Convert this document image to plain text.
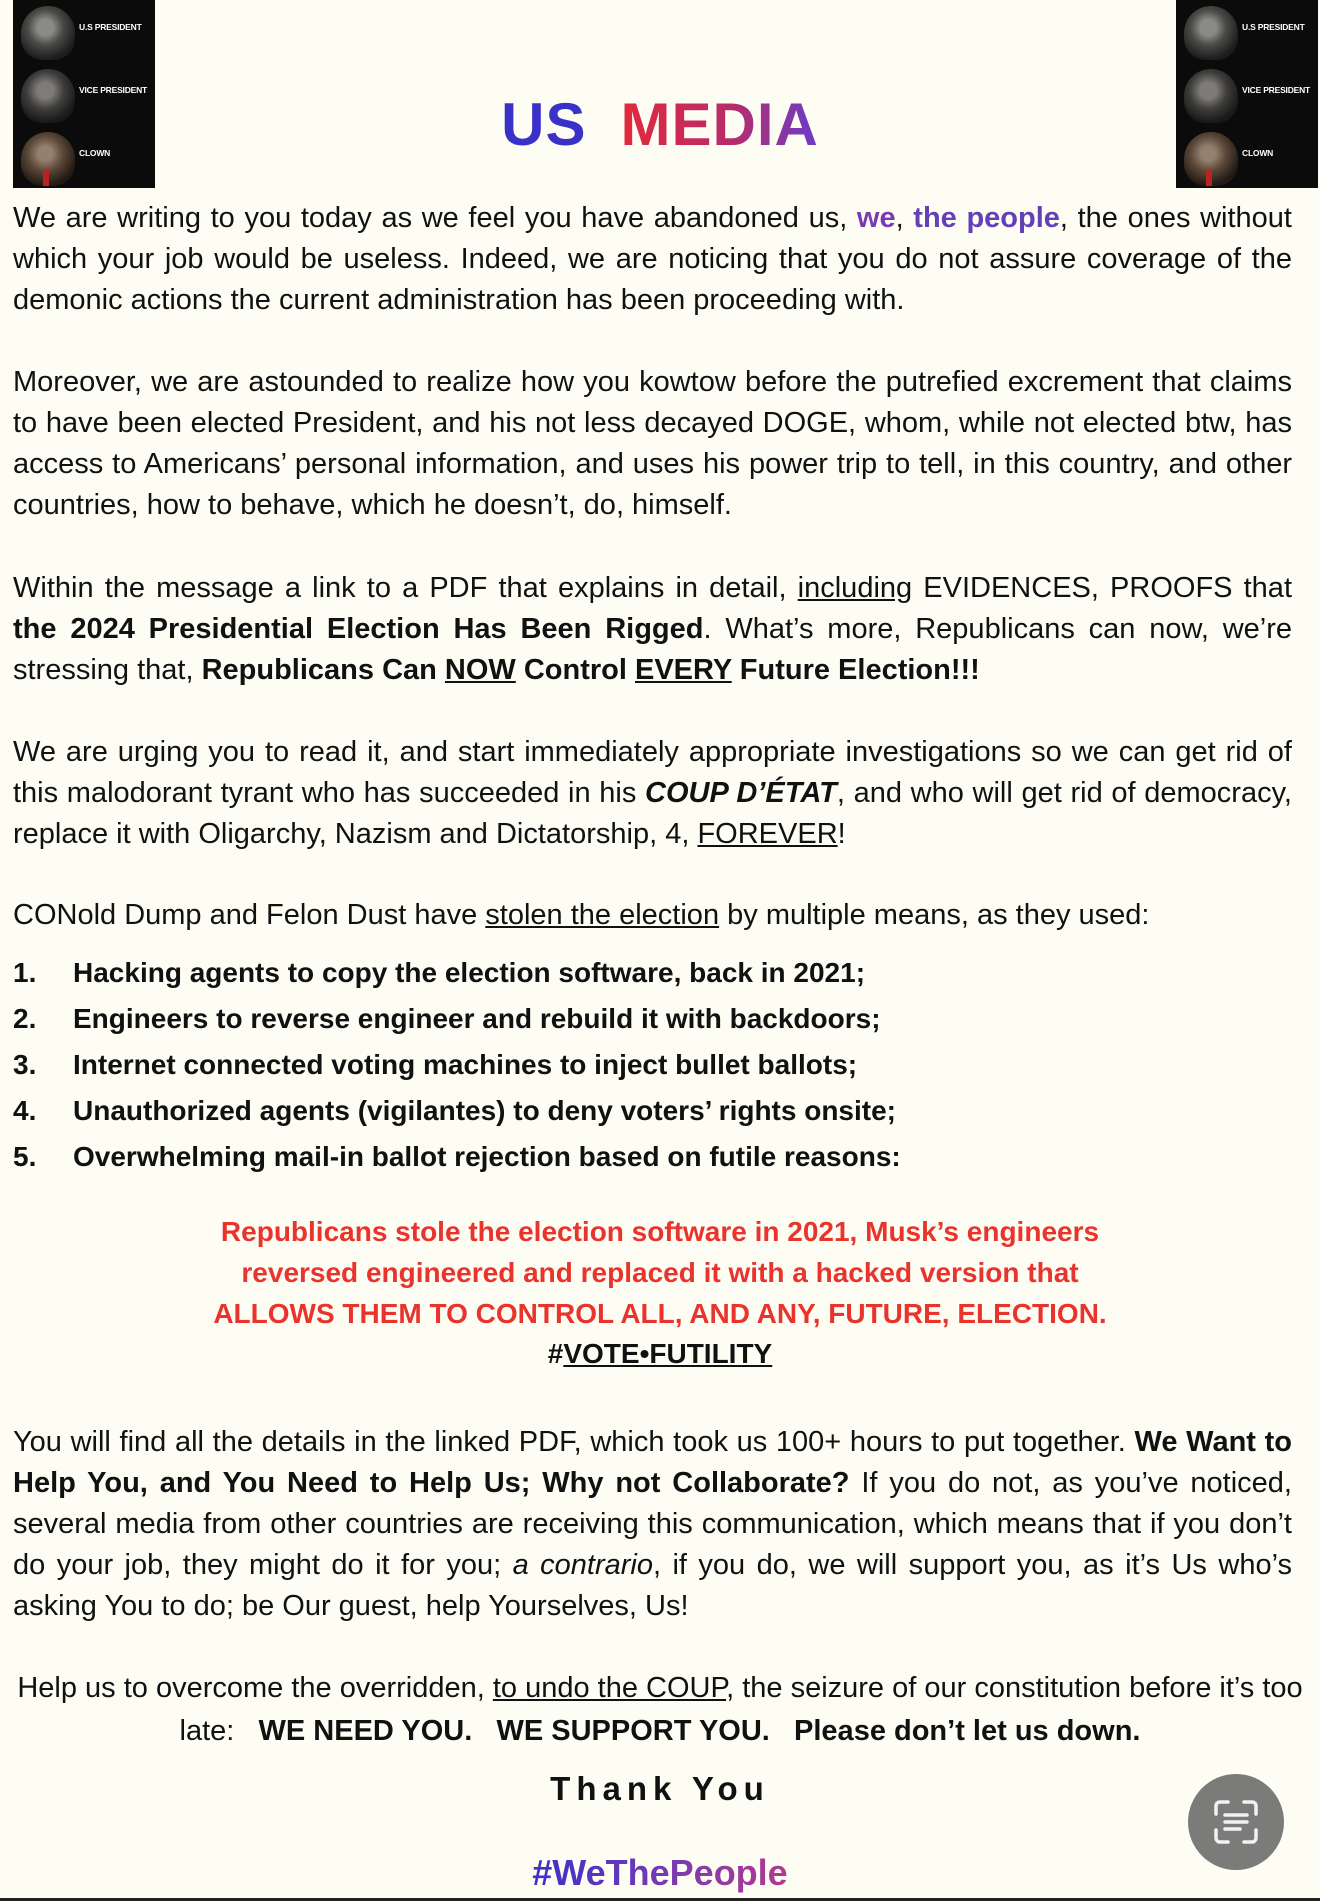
U.S PRESIDENT
VICE PRESIDENT
CLOWN
U.S PRESIDENT
VICE PRESIDENT
CLOWN
US MEDIA

We are writing to you today as we feel you have abandoned us, we, the people, the ones without which your job would be useless. Indeed, we are noticing that you do not assure coverage of the demonic actions the current administration has been proceeding with.

Moreover, we are astounded to realize how you kowtow before the putrefied excrement that claims to have been elected President, and his not less decayed DOGE, whom, while not elected btw, has access to Americans’ personal information, and uses his power trip to tell, in this country, and other countries, how to behave, which he doesn’t, do, himself.

Within the message a link to a PDF that explains in detail, including EVIDENCES, PROOFS that the 2024 Presidential Election Has Been Rigged. What’s more, Republicans can now, we’re stressing that, Republicans Can NOW Control EVERY Future Election!!!

We are urging you to read it, and start immediately appropriate investigations so we can get rid of this malodorant tyrant who has succeeded in his COUP D’ÉTAT, and who will get rid of democracy, replace it with Oligarchy, Nazism and Dictatorship, 4, FOREVER!

CONold Dump and Felon Dust have stolen the election by multiple means, as they used:

1. Hacking agents to copy the election software, back in 2021;
2. Engineers to reverse engineer and rebuild it with backdoors;
3. Internet connected voting machines to inject bullet ballots;
4. Unauthorized agents (vigilantes) to deny voters’ rights onsite;
5. Overwhelming mail-in ballot rejection based on futile reasons:
Republicans stole the election software in 2021, Musk’s engineers
reversed engineered and replaced it with a hacked version that
ALLOWS THEM TO CONTROL ALL, AND ANY, FUTURE, ELECTION.

#VOTE•FUTILITY

You will find all the details in the linked PDF, which took us 100+ hours to put together. We Want to Help You, and You Need to Help Us; Why not Collaborate? If you do not, as you’ve noticed, several media from other countries are receiving this communication, which means that if you don’t do your job, they might do it for you; a contrario, if you do, we will support you, as it’s Us who’s asking You to do; be Our guest, help Yourselves, Us!

Help us to overcome the overridden, to undo the COUP, the seizure of our constitution before it’s too late: WE NEED YOU. WE SUPPORT YOU. Please don’t let us down.

Thank You

#WeThePeople
